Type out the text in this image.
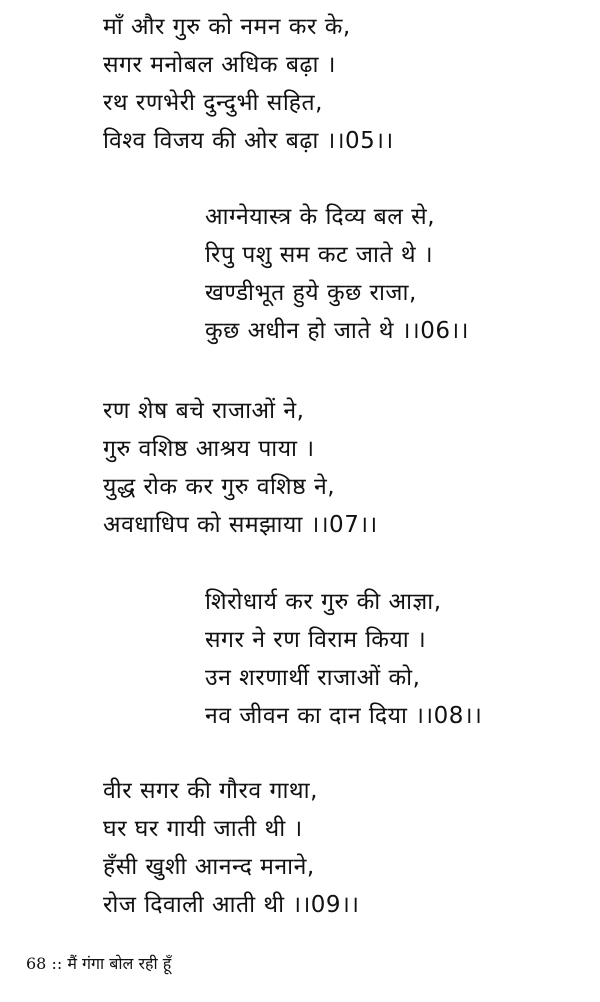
माँ और गुरु को नमन कर के,
सगर मनोबल अधिक बढ़ा ।
रथ रणभेरी दुन्दुभी सहित,
विश्व विजय की ओर बढ़ा ।।05।।
आग्नेयास्त्र के दिव्य बल से,
रिपु पशु सम कट जाते थे ।
खण्डीभूत हुये कुछ राजा,
कुछ अधीन हो जाते थे ।।06।।
रण शेष बचे राजाओं ने,
गुरु वशिष्ठ आश्रय पाया ।
युद्ध रोक कर गुरु वशिष्ठ ने,
अवधाधिप को समझाया ।।07।।
शिरोधार्य कर गुरु की आज्ञा,
सगर ने रण विराम किया ।
उन शरणार्थी राजाओं को,
नव जीवन का दान दिया ।।08।।
वीर सगर की गौरव गाथा,
घर घर गायी जाती थी ।
हँसी खुशी आनन्द मनाने,
रोज दिवाली आती थी ।।09।।
68 :: मैं गंगा बोल रही हूँ
